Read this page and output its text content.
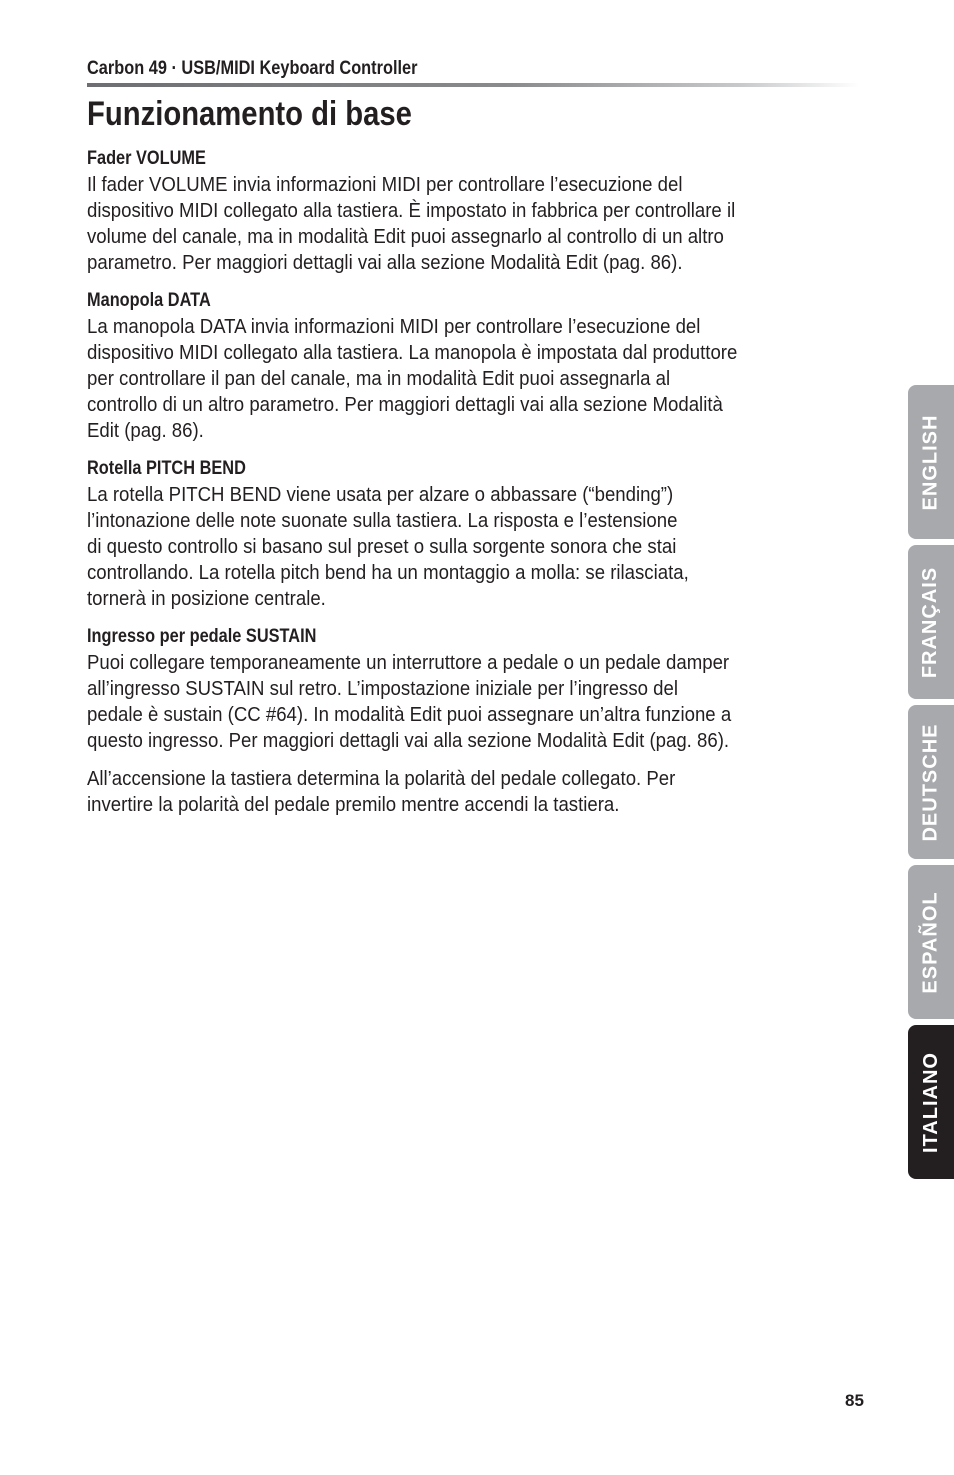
Carbon 49 · USB/MIDI Keyboard Controller
Funzionamento di base
Fader VOLUME
Il fader VOLUME invia informazioni MIDI per controllare l’esecuzione del
dispositivo MIDI collegato alla tastiera. È impostato in fabbrica per controllare il
volume del canale, ma in modalità Edit puoi assegnarlo al controllo di un altro
parametro. Per maggiori dettagli vai alla sezione Modalità Edit (pag. 86).
Manopola DATA
La manopola DATA invia informazioni MIDI per controllare l’esecuzione del
dispositivo MIDI collegato alla tastiera. La manopola è impostata dal produttore
per controllare il pan del canale, ma in modalità Edit puoi assegnarla al
controllo di un altro parametro. Per maggiori dettagli vai alla sezione Modalità
Edit (pag. 86).
Rotella PITCH BEND
La rotella PITCH BEND viene usata per alzare o abbassare (“bending”)
l’intonazione delle note suonate sulla tastiera. La risposta e l’estensione
di questo controllo si basano sul preset o sulla sorgente sonora che stai
controllando. La rotella pitch bend ha un montaggio a molla: se rilasciata,
tornerà in posizione centrale.
Ingresso per pedale SUSTAIN
Puoi collegare temporaneamente un interruttore a pedale o un pedale damper
all’ingresso SUSTAIN sul retro. L’impostazione iniziale per l’ingresso del
pedale è sustain (CC #64). In modalità Edit puoi assegnare un’altra funzione a
questo ingresso. Per maggiori dettagli vai alla sezione Modalità Edit (pag. 86).
All’accensione la tastiera determina la polarità del pedale collegato. Per
invertire la polarità del pedale premilo mentre accendi la tastiera.
ENGLISH
FRANÇAIS
DEUTSCHE
ESPAÑOL
ITALIANO
85
